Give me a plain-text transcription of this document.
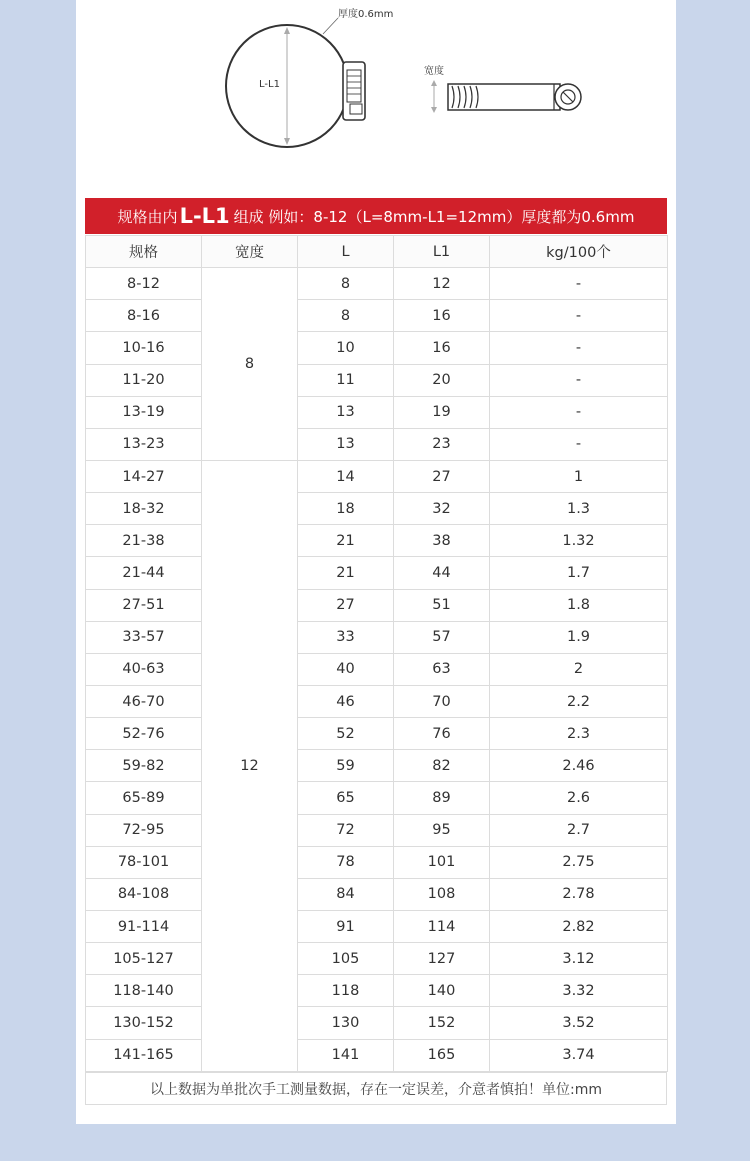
L-L1
厚度0.6mm
宽度
规格由内 L-L1 组成 例如：8-12（L=8mm-L1=12mm）厚度都为0.6mm
规格	宽度	L	L1	kg/100个
8-12	8	8	12	-
8-16		8	16	-
10-16		10	16	-
11-20		11	20	-
13-19		13	19	-
13-23		13	23	-
14-27	12	14	27	1
18-32		18	32	1.3
21-38		21	38	1.32
21-44		21	44	1.7
27-51		27	51	1.8
33-57		33	57	1.9
40-63		40	63	2
46-70		46	70	2.2
52-76		52	76	2.3
59-82		59	82	2.46
65-89		65	89	2.6
72-95		72	95	2.7
78-101		78	101	2.75
84-108		84	108	2.78
91-114		91	114	2.82
105-127		105	127	3.12
118-140		118	140	3.32
130-152		130	152	3.52
141-165		141	165	3.74
以上数据为单批次手工测量数据，存在一定误差，介意者慎拍！单位:mm
